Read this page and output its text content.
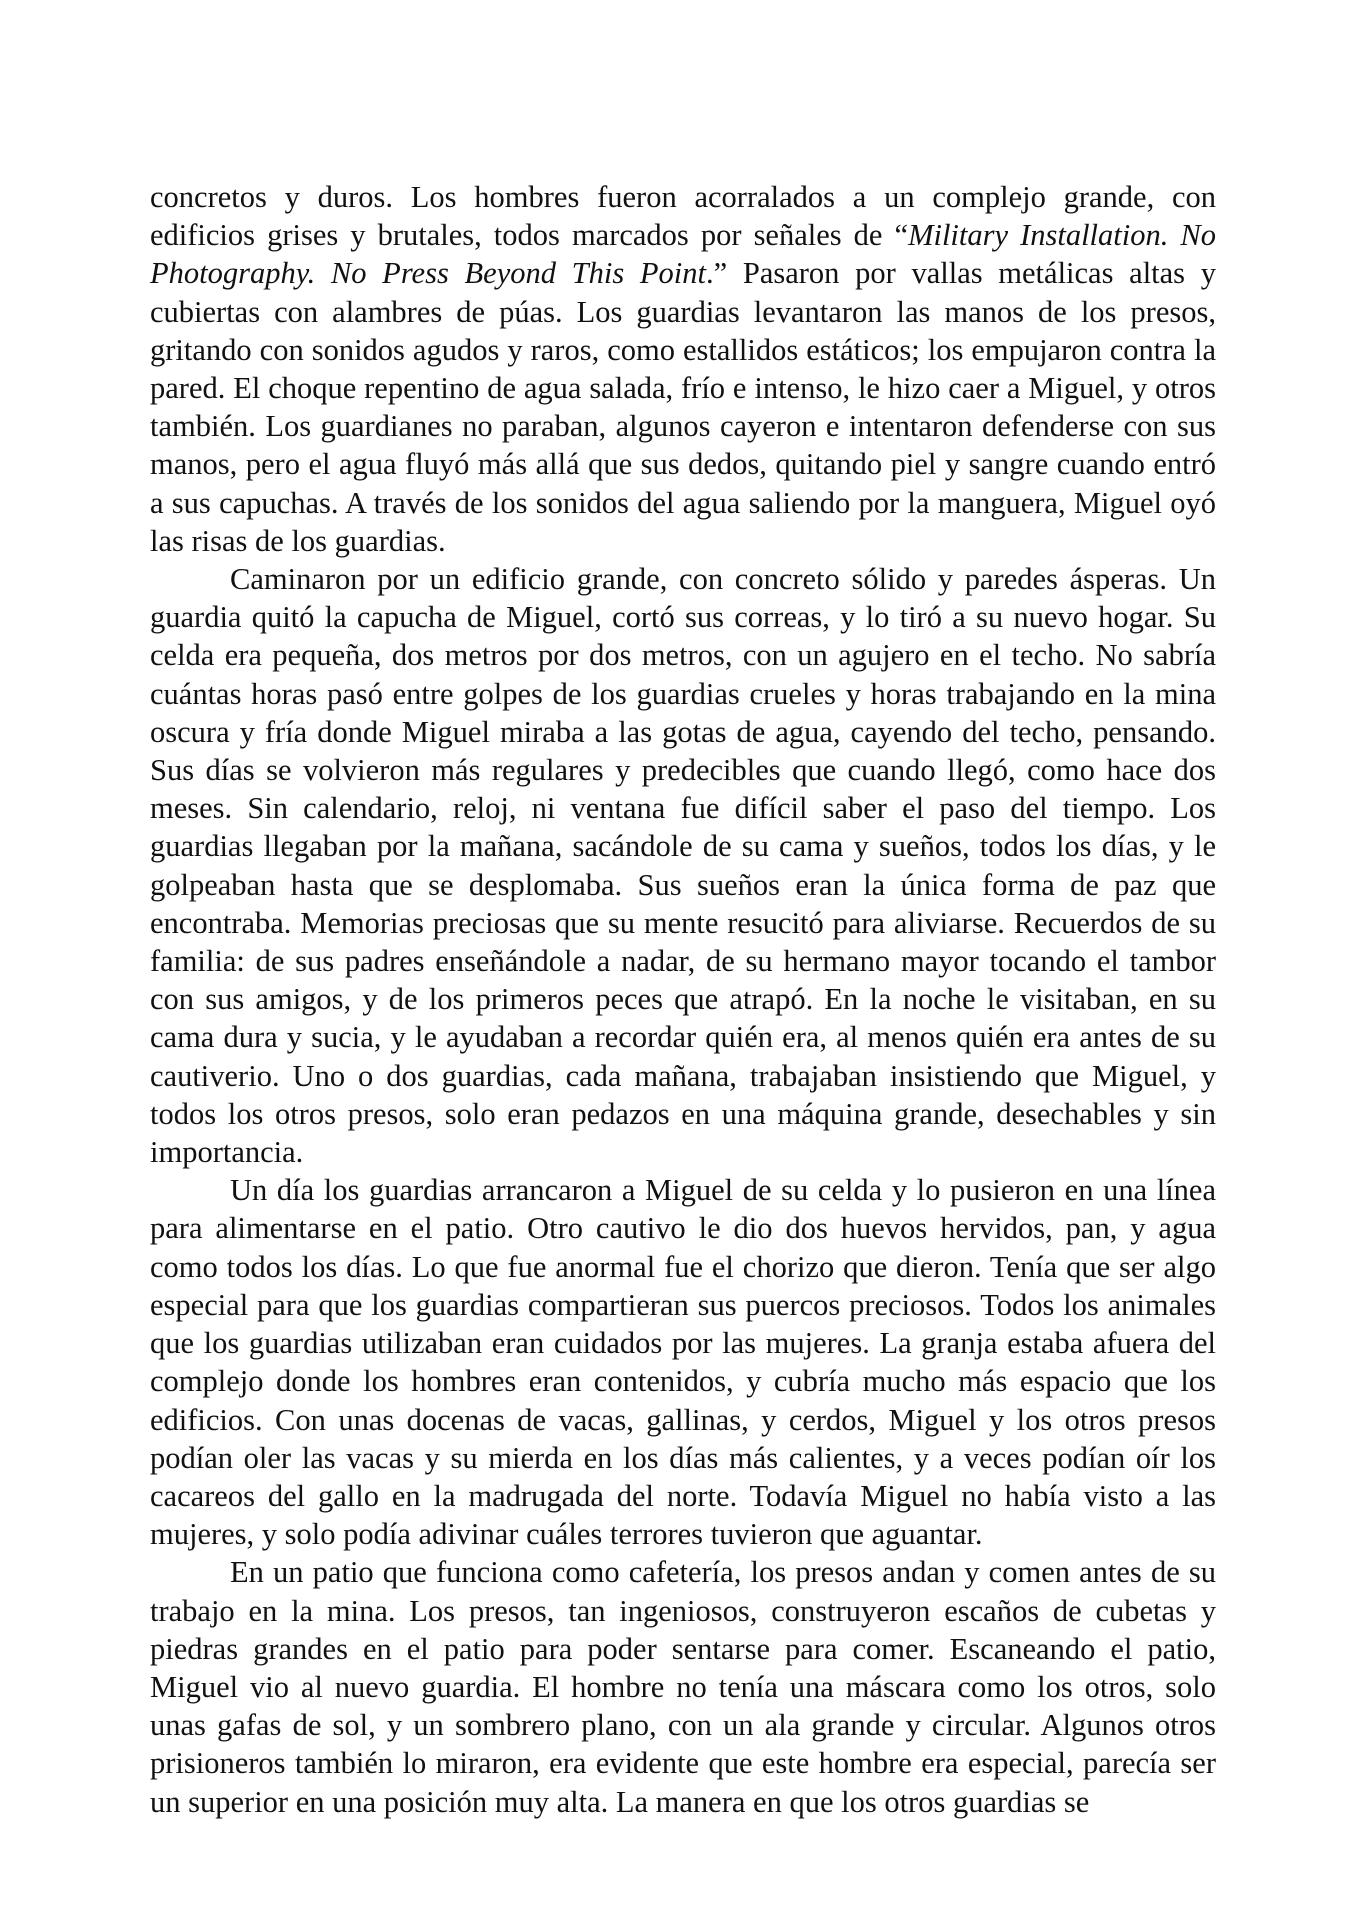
concretos y duros. Los hombres fueron acorralados a un complejo grande, con edificios grises y brutales, todos marcados por señales de “Military Installation. No Photography. No Press Beyond This Point.” Pasaron por vallas metálicas altas y cubiertas con alambres de púas. Los guardias levantaron las manos de los presos, gritando con sonidos agudos y raros, como estallidos estáticos; los empujaron contra la pared. El choque repentino de agua salada, frío e intenso, le hizo caer a Miguel, y otros también. Los guardianes no paraban, algunos cayeron e intentaron defenderse con sus manos, pero el agua fluyó más allá que sus dedos, quitando piel y sangre cuando entró a sus capuchas. A través de los sonidos del agua saliendo por la manguera, Miguel oyó las risas de los guardias.

Caminaron por un edificio grande, con concreto sólido y paredes ásperas. Un guardia quitó la capucha de Miguel, cortó sus correas, y lo tiró a su nuevo hogar. Su celda era pequeña, dos metros por dos metros, con un agujero en el techo. No sabría cuántas horas pasó entre golpes de los guardias crueles y horas trabajando en la mina oscura y fría donde Miguel miraba a las gotas de agua, cayendo del techo, pensando. Sus días se volvieron más regulares y predecibles que cuando llegó, como hace dos meses. Sin calendario, reloj, ni ventana fue difícil saber el paso del tiempo. Los guardias llegaban por la mañana, sacándole de su cama y sueños, todos los días, y le golpeaban hasta que se desplomaba. Sus sueños eran la única forma de paz que encontraba. Memorias preciosas que su mente resucitó para aliviarse. Recuerdos de su familia: de sus padres enseñándole a nadar, de su hermano mayor tocando el tambor con sus amigos, y de los primeros peces que atrapó. En la noche le visitaban, en su cama dura y sucia, y le ayudaban a recordar quién era, al menos quién era antes de su cautiverio. Uno o dos guardias, cada mañana, trabajaban insistiendo que Miguel, y todos los otros presos, solo eran pedazos en una máquina grande, desechables y sin importancia.

Un día los guardias arrancaron a Miguel de su celda y lo pusieron en una línea para alimentarse en el patio. Otro cautivo le dio dos huevos hervidos, pan, y agua como todos los días. Lo que fue anormal fue el chorizo que dieron. Tenía que ser algo especial para que los guardias compartieran sus puercos preciosos. Todos los animales que los guardias utilizaban eran cuidados por las mujeres. La granja estaba afuera del complejo donde los hombres eran contenidos, y cubría mucho más espacio que los edificios. Con unas docenas de vacas, gallinas, y cerdos, Miguel y los otros presos podían oler las vacas y su mierda en los días más calientes, y a veces podían oír los cacareos del gallo en la madrugada del norte. Todavía Miguel no había visto a las mujeres, y solo podía adivinar cuáles terrores tuvieron que aguantar.

En un patio que funciona como cafetería, los presos andan y comen antes de su trabajo en la mina. Los presos, tan ingeniosos, construyeron escaños de cubetas y piedras grandes en el patio para poder sentarse para comer. Escaneando el patio, Miguel vio al nuevo guardia. El hombre no tenía una máscara como los otros, solo unas gafas de sol, y un sombrero plano, con un ala grande y circular. Algunos otros prisioneros también lo miraron, era evidente que este hombre era especial, parecía ser un superior en una posición muy alta. La manera en que los otros guardias se
